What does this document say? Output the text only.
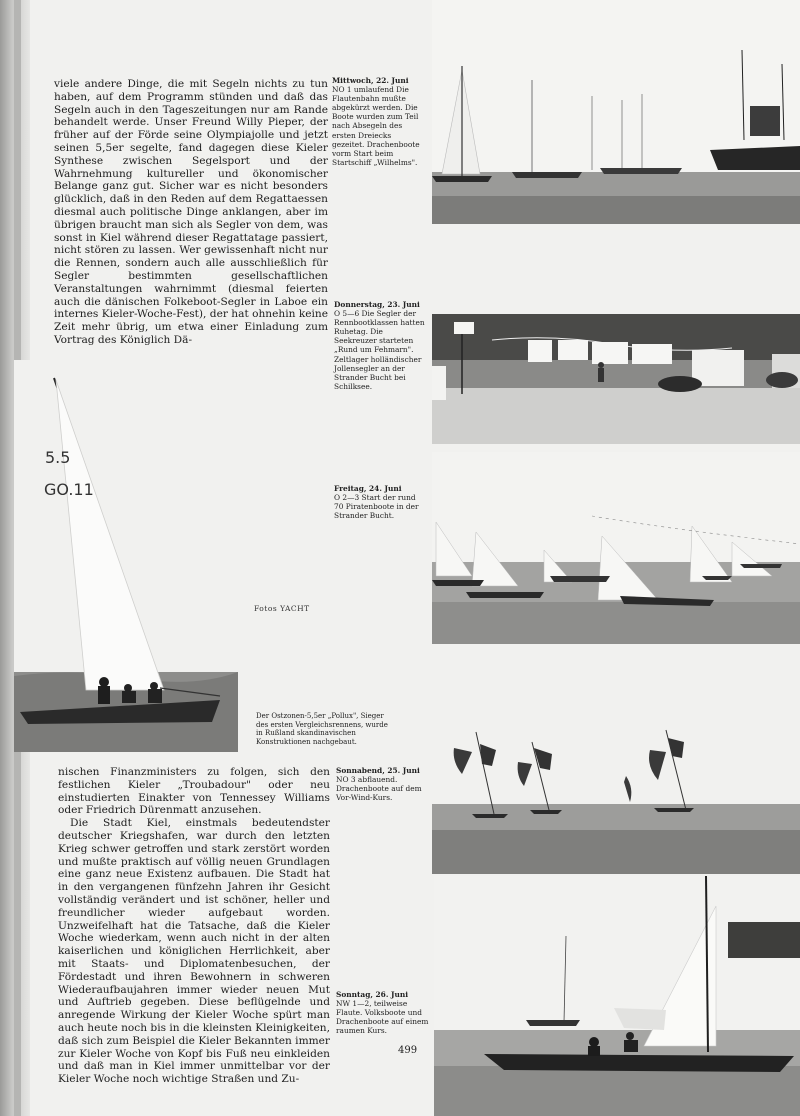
viele andere Dinge, die mit Segeln nichts zu tun haben, auf dem Programm stünden und daß das Segeln auch in den Tageszeitungen nur am Rande behandelt werde. Unser Freund Willy Pieper, der früher auf der Förde seine Olympiajolle und jetzt seinen 5,5er segelte, fand dagegen diese Kieler Synthese zwischen Segelsport und der Wahrnehmung kultureller und ökonomischer Belange ganz gut. Sicher war es nicht besonders glücklich, daß in den Reden auf dem Regattaessen diesmal auch politische Dinge anklangen, aber im übrigen braucht man sich als Segler von dem, was sonst in Kiel während dieser Regattatage passiert, nicht stören zu lassen. Wer gewissenhaft nicht nur die Rennen, sondern auch alle ausschließlich für Segler bestimmten gesellschaftlichen Veranstaltungen wahrnimmt (diesmal feierten auch die dänischen Folkeboot-Segler in Laboe ein internes Kieler-Woche-Fest), der hat ohnehin keine Zeit mehr übrig, um etwa einer Einladung zum Vortrag des Königlich Dä-

nischen Finanzministers zu folgen, sich den festlichen Kieler „Troubadour" oder neu einstudierten Einakter von Tennessey Williams oder Friedrich Dürenmatt anzusehen.

Die Stadt Kiel, einstmals bedeutendster deutscher Kriegshafen, war durch den letzten Krieg schwer getroffen und stark zerstört worden und mußte praktisch auf völlig neuen Grundlagen eine ganz neue Existenz aufbauen. Die Stadt hat in den vergangenen fünfzehn Jahren ihr Gesicht vollständig verändert und ist schöner, heller und freundlicher wieder aufgebaut worden. Unzweifelhaft hat die Tatsache, daß die Kieler Woche wiederkam, wenn auch nicht in der alten kaiserlichen und königlichen Herrlichkeit, aber mit Staats- und Diplomatenbesuchen, der Fördestadt und ihren Bewohnern in schweren Wiederaufbaujahren immer wieder neuen Mut und Auftrieb gegeben. Diese beflügelnde und anregende Wirkung der Kieler Woche spürt man auch heute noch bis in die kleinsten Kleinigkeiten, daß sich zum Beispiel die Kieler Bekannten immer zur Kieler Woche von Kopf bis Fuß neu einkleiden und daß man in Kiel immer unmittelbar vor der Kieler Woche noch wichtige Straßen und Zu-

5.5
GO.11
Fotos YACHT
Der Ostzonen-5,5er „Pollux", Sieger des ersten Vergleichsrennens, wurde in Rußland skandinavischen Konstruktionen nachgebaut.
Mittwoch, 22. Juni
NO 1 umlaufend Die Flautenbahn mußte abgekürzt werden. Die Boote wurden zum Teil nach Absegeln des ersten Dreiecks gezeitet. Drachenboote vorm Start beim Startschiff „Wilhelms".
Donnerstag, 23. Juni
O 5—6 Die Segler der Rennbootklassen hatten Ruhetag. Die Seekreuzer starteten „Rund um Fehmarn". Zeltlager holländischer Jollensegler an der Strander Bucht bei Schilksee.
Freitag, 24. Juni
O 2—3 Start der rund 70 Piratenboote in der Strander Bucht.
Sonnabend, 25. Juni
NO 3 abflauend. Drachenboote auf dem Vor-Wind-Kurs.
Sonntag, 26. Juni
NW 1—2, teilweise Flaute. Volksboote und Drachenboote auf einem raumen Kurs.
499
